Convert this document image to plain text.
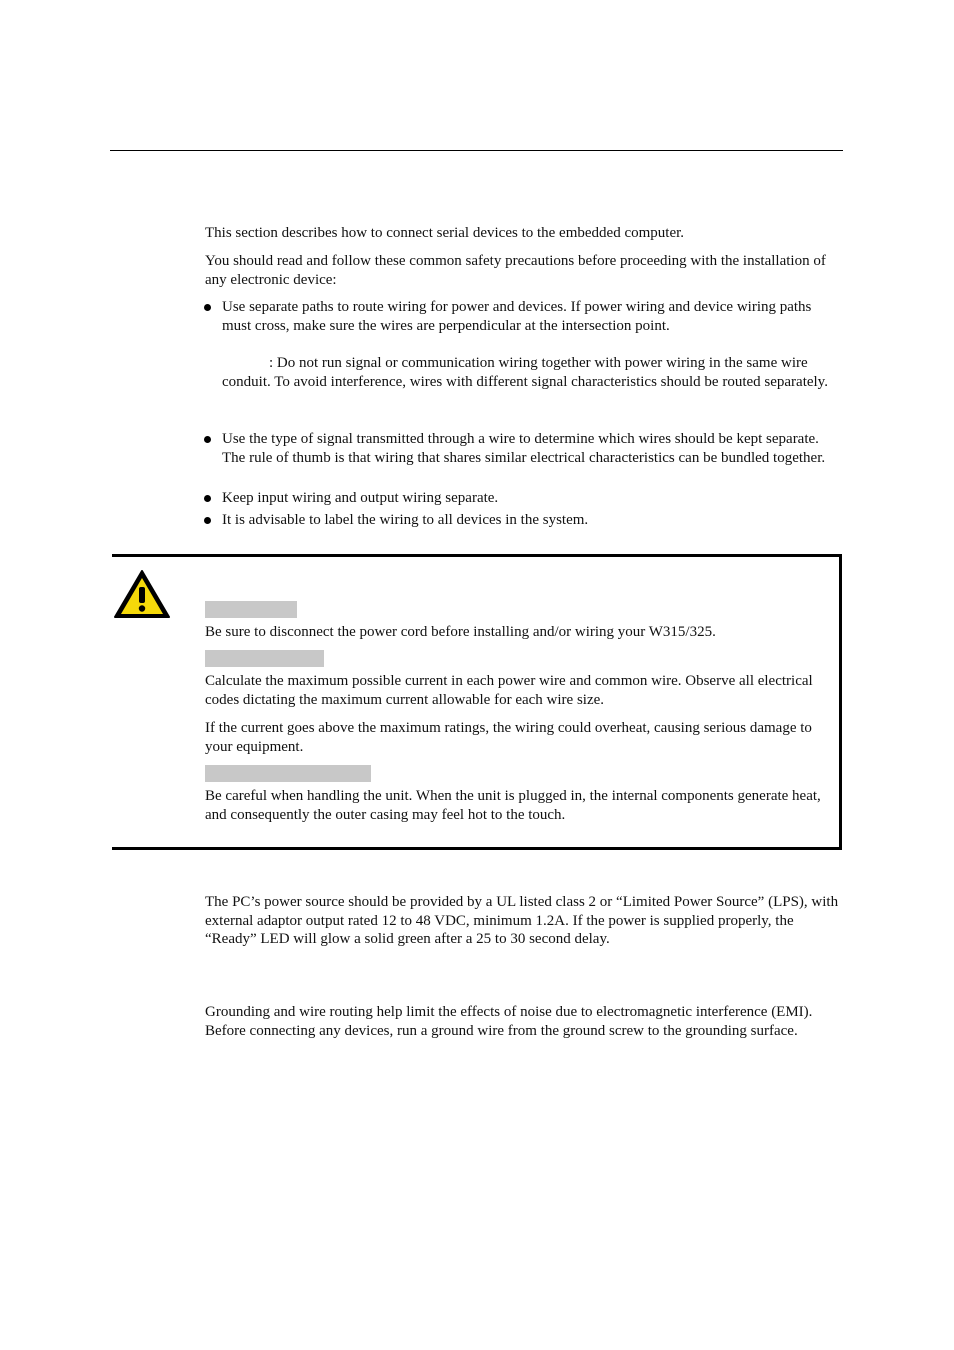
This section describes how to connect serial devices to the embedded computer.

You should read and follow these common safety precautions before proceeding with the installation of any electronic device:

Use separate paths to route wiring for power and devices. If power wiring and device wiring paths must cross, make sure the wires are perpendicular at the intersection point.

: Do not run signal or communication wiring together with power wiring in the same wire conduit. To avoid interference, wires with different signal characteristics should be routed separately.

Use the type of signal transmitted through a wire to determine which wires should be kept separate. The rule of thumb is that wiring that shares similar electrical characteristics can be bundled together.

Keep input wiring and output wiring separate.

It is advisable to label the wiring to all devices in the system.

Be sure to disconnect the power cord before installing and/or wiring your W315/325.

Calculate the maximum possible current in each power wire and common wire. Observe all electrical codes dictating the maximum current allowable for each wire size.

If the current goes above the maximum ratings, the wiring could overheat, causing serious damage to your equipment.

Be careful when handling the unit. When the unit is plugged in, the internal components generate heat, and consequently the outer casing may feel hot to the touch.

The PC’s power source should be provided by a UL listed class 2 or “Limited Power Source” (LPS), with external adaptor output rated 12 to 48 VDC, minimum 1.2A. If the power is supplied properly, the “Ready” LED will glow a solid green after a 25 to 30 second delay.

Grounding and wire routing help limit the effects of noise due to electromagnetic interference (EMI). Before connecting any devices, run a ground wire from the ground screw to the grounding surface.
